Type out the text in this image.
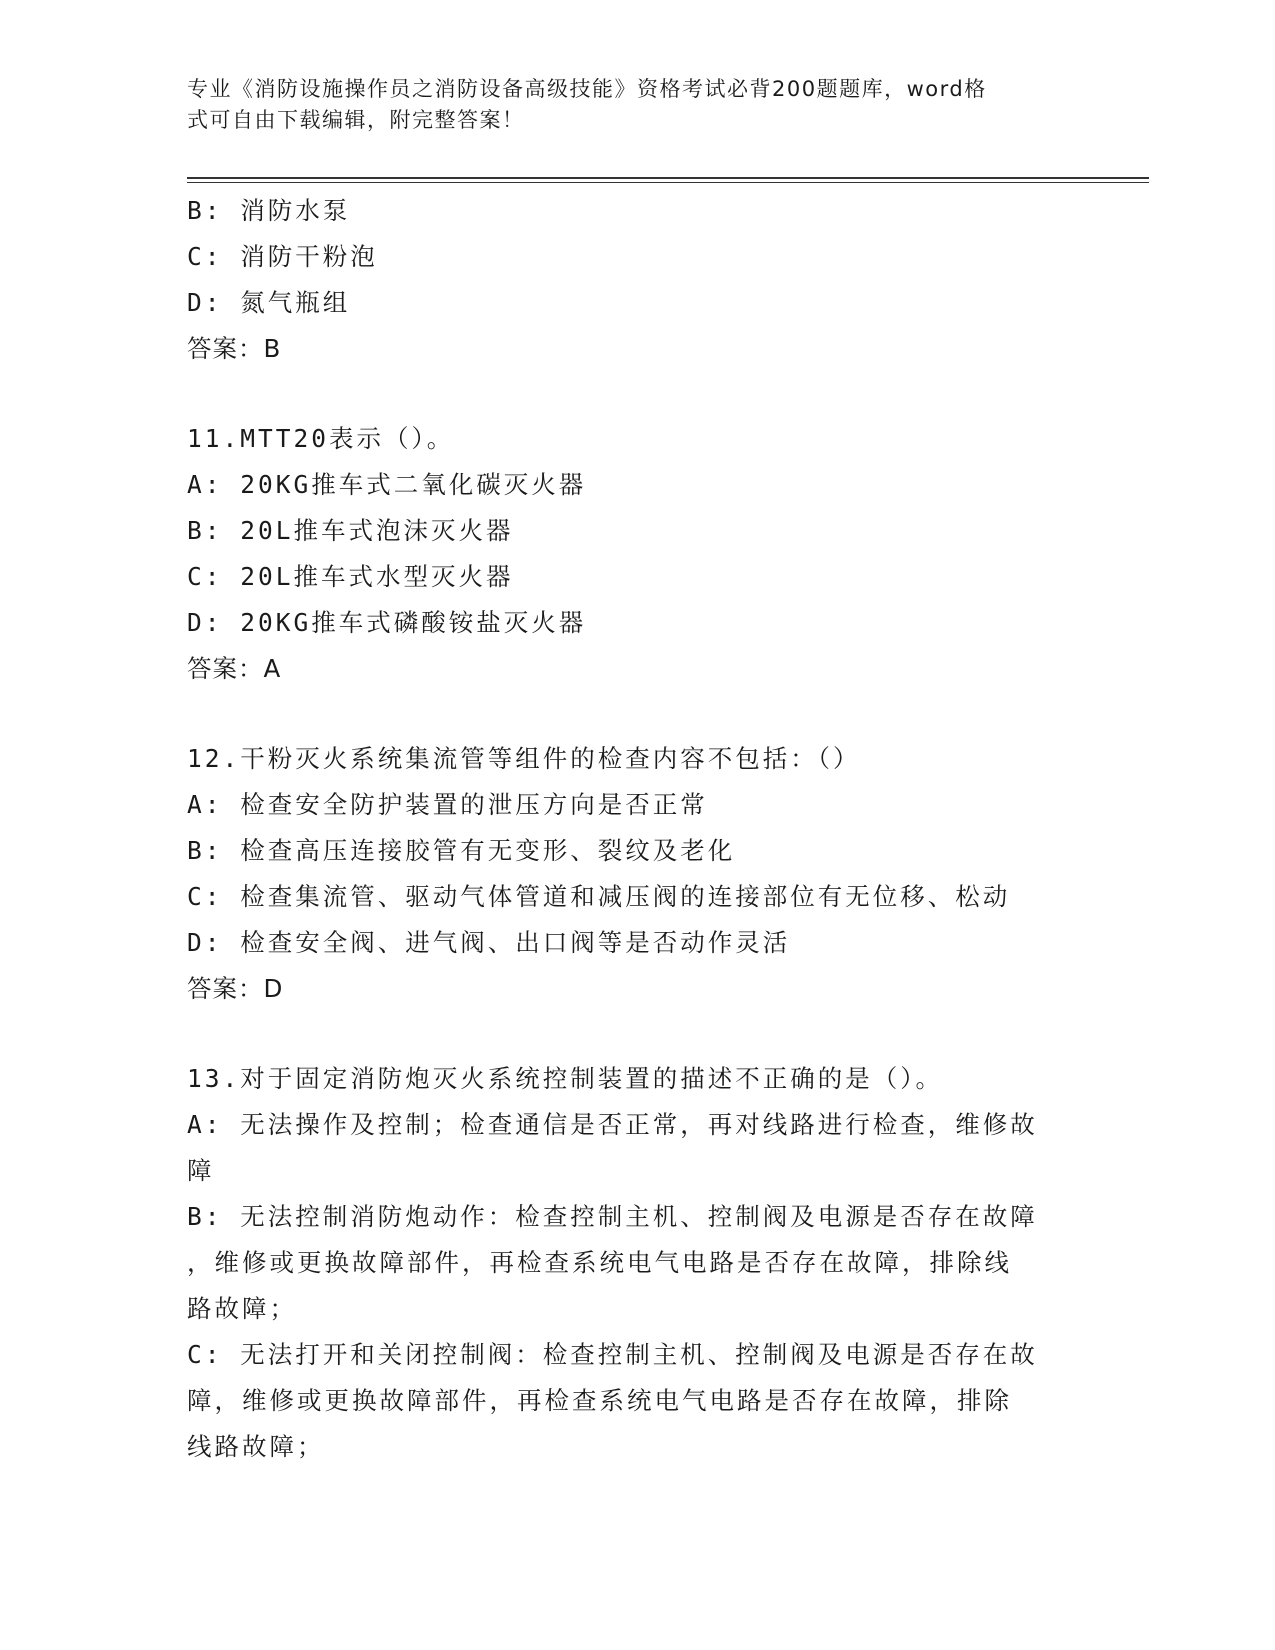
专业《消防设施操作员之消防设备高级技能》资格考试必背200题题库，word格
式可自由下载编辑，附完整答案！
B: 消防水泵
C: 消防干粉泡
D: 氮气瓶组
答案：B
11.MTT20表示（）。
A: 20KG推车式二氧化碳灭火器
B: 20L推车式泡沫灭火器
C: 20L推车式水型灭火器
D: 20KG推车式磷酸铵盐灭火器
答案：A
12.干粉灭火系统集流管等组件的检查内容不包括：（）
A: 检查安全防护装置的泄压方向是否正常
B: 检查高压连接胶管有无变形、裂纹及老化
C: 检查集流管、驱动气体管道和减压阀的连接部位有无位移、松动
D: 检查安全阀、进气阀、出口阀等是否动作灵活
答案：D
13.对于固定消防炮灭火系统控制装置的描述不正确的是（）。
A: 无法操作及控制；检查通信是否正常，再对线路进行检查，维修故
障
B: 无法控制消防炮动作：检查控制主机、控制阀及电源是否存在故障
，维修或更换故障部件，再检查系统电气电路是否存在故障，排除线
路故障；
C: 无法打开和关闭控制阀：检查控制主机、控制阀及电源是否存在故
障，维修或更换故障部件，再检查系统电气电路是否存在故障，排除
线路故障；
